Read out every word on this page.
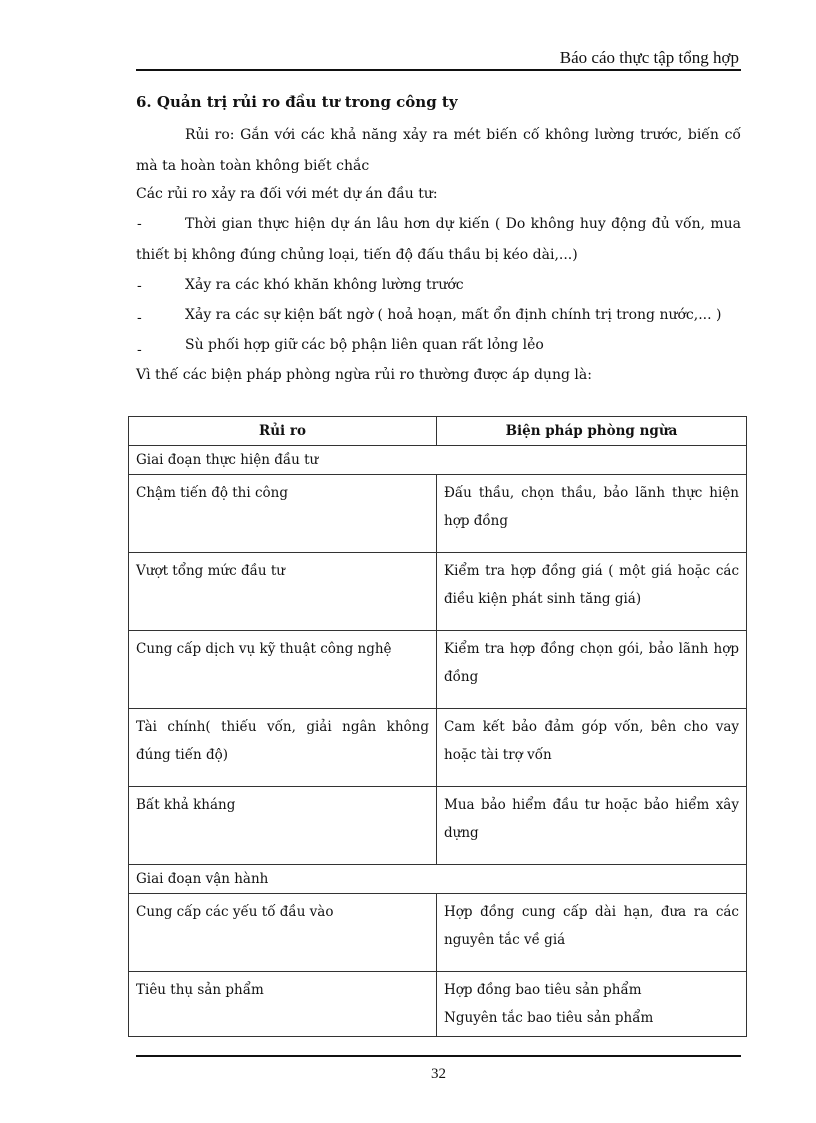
Báo cáo thực tập tổng hợp
6. Quản trị rủi ro đầu tư trong công ty

Rủi ro: Gắn với các khả năng xảy ra mét biến cố không lường trước, biến cố

mà ta hoàn toàn không biết chắc

Các rủi ro xảy ra đối với mét dự án đầu tư:

-	Thời gian thực hiện dự án lâu hơn dự kiến ( Do không huy động đủ vốn, mua

thiết bị không đúng chủng loại, tiến độ đấu thầu bị kéo dài,...)

-	Xảy ra các khó khăn không lường trước

-	Xảy ra các sự kiện bất ngờ ( hoả hoạn, mất ổn định chính trị trong nước,... )

-	Sù phối hợp giữ các bộ phận liên quan rất lỏng lẻo

Vì thế các biện pháp phòng ngừa rủi ro thường được áp dụng là:

Rủi ro	Biện pháp phòng ngừa
Giai đoạn thực hiện đầu tư	
Chậm tiến độ thi công	Đấu thầu, chọn thầu, bảo lãnh thực hiện hợp đồng
Vượt tổng mức đầu tư	Kiểm tra hợp đồng giá ( một giá hoặc các điều kiện phát sinh tăng giá)
Cung cấp dịch vụ kỹ thuật công nghệ	Kiểm tra hợp đồng chọn gói, bảo lãnh hợp đồng
Tài chính( thiếu vốn, giải ngân không đúng tiến độ)	Cam kết bảo đảm góp vốn, bên cho vay hoặc tài trợ vốn
Bất khả kháng	Mua bảo hiểm đầu tư hoặc bảo hiểm xây dựng
Giai đoạn vận hành	
Cung cấp các yếu tố đầu vào	Hợp đồng cung cấp dài hạn, đưa ra các nguyên tắc về giá
Tiêu thụ sản phẩm	Hợp đồng bao tiêu sản phẩm
Nguyên tắc bao tiêu sản phẩm
32
